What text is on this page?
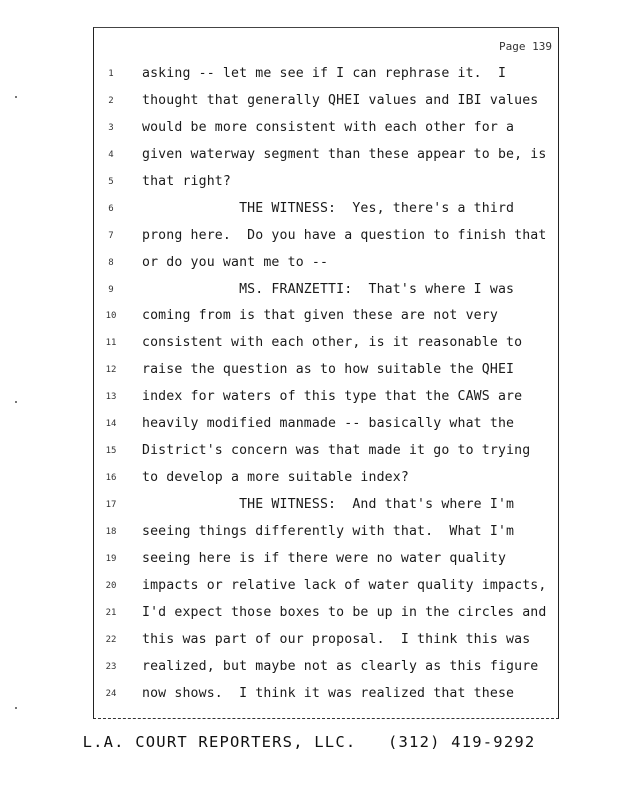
Page 139
1	asking -- let me see if I can rephrase it.  I
2	thought that generally QHEI values and IBI values
3	would be more consistent with each other for a
4	given waterway segment than these appear to be, is
5	that right?
6	THE WITNESS:  Yes, there's a third
7	prong here.  Do you have a question to finish that
8	or do you want me to --
9	MS. FRANZETTI:  That's where I was
10 coming from is that given these are not very
11 consistent with each other, is it reasonable to
12 raise the question as to how suitable the QHEI
13 index for waters of this type that the CAWS are
14 heavily modified manmade -- basically what the
15 District's concern was that made it go to trying
16 to develop a more suitable index?
17 THE WITNESS:  And that's where I'm
18 seeing things differently with that.  What I'm
19 seeing here is if there were no water quality
20 impacts or relative lack of water quality impacts,
21 I'd expect those boxes to be up in the circles and
22 this was part of our proposal.  I think this was
23 realized, but maybe not as clearly as this figure
24 now shows.  I think it was realized that these
L.A. COURT REPORTERS, LLC.   (312) 419-9292
